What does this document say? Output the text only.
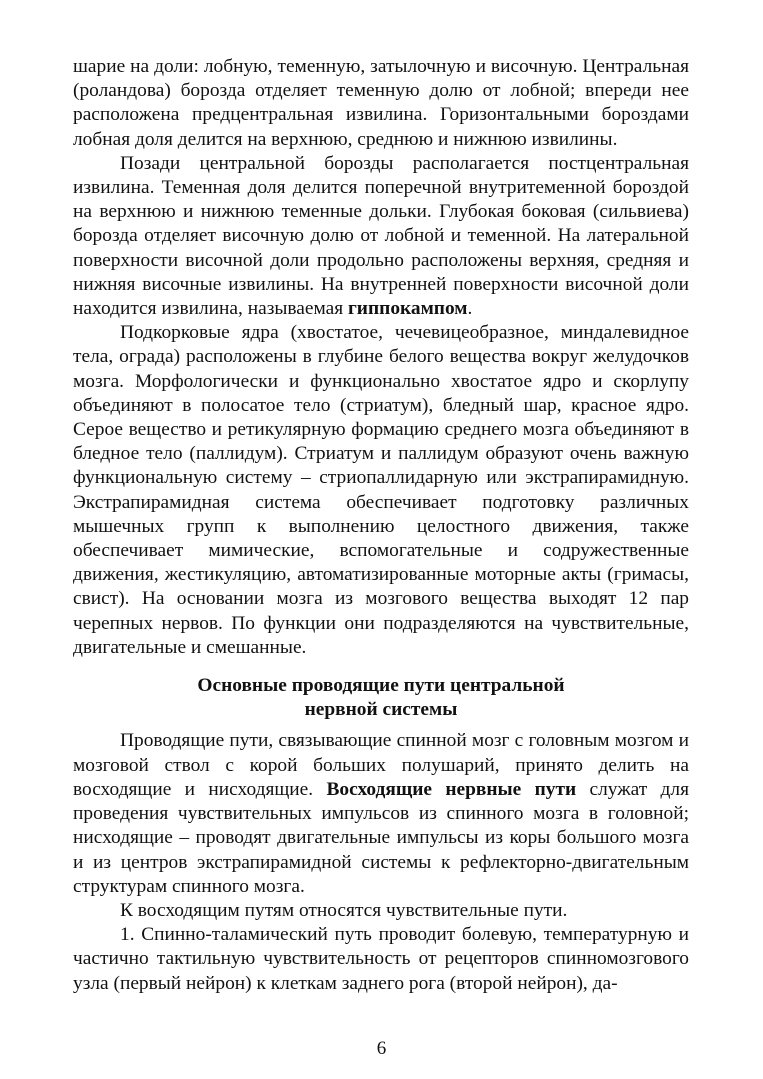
шарие на доли: лобную, теменную, затылочную и височную. Центральная (роландова) борозда отделяет теменную долю от лобной; впереди нее расположена предцентральная извилина. Горизонтальными бороздами лобная доля делится на верхнюю, среднюю и нижнюю извилины.

Позади центральной борозды располагается постцентральная извилина. Теменная доля делится поперечной внутритеменной бороздой на верхнюю и нижнюю теменные дольки. Глубокая боковая (сильвиева) борозда отделяет височную долю от лобной и теменной. На латеральной поверхности височной доли продольно расположены верхняя, средняя и нижняя височные извилины. На внутренней поверхности височной доли находится извилина, называемая гиппокампом.

Подкорковые ядра (хвостатое, чечевицеобразное, миндалевидное тела, ограда) расположены в глубине белого вещества вокруг желудочков мозга. Морфологически и функционально хвостатое ядро и скорлупу объединяют в полосатое тело (стриатум), бледный шар, красное ядро. Серое вещество и ретикулярную формацию среднего мозга объединяют в бледное тело (паллидум). Стриатум и паллидум образуют очень важную функциональную систему – стриопаллидарную или экстрапирамидную. Экстрапирамидная система обеспечивает подготовку различных мышечных групп к выполнению целостного движения, также обеспечивает мимические, вспомогательные и содружественные движения, жестикуляцию, автоматизированные моторные акты (гримасы, свист). На основании мозга из мозгового вещества выходят 12 пар черепных нервов. По функции они подразделяются на чувствительные, двигательные и смешанные.

Основные проводящие пути центральной
нервной системы

Проводящие пути, связывающие спинной мозг с головным мозгом и мозговой ствол с корой больших полушарий, принято делить на восходящие и нисходящие. Восходящие нервные пути служат для проведения чувствительных импульсов из спинного мозга в головной; нисходящие – проводят двигательные импульсы из коры большого мозга и из центров экстрапирамидной системы к рефлекторно-двигательным структурам спинного мозга.

К восходящим путям относятся чувствительные пути.

1. Спинно-таламический путь проводит болевую, температурную и частично тактильную чувствительность от рецепторов спинномозгового узла (первый нейрон) к клеткам заднего рога (второй нейрон), да-

6
